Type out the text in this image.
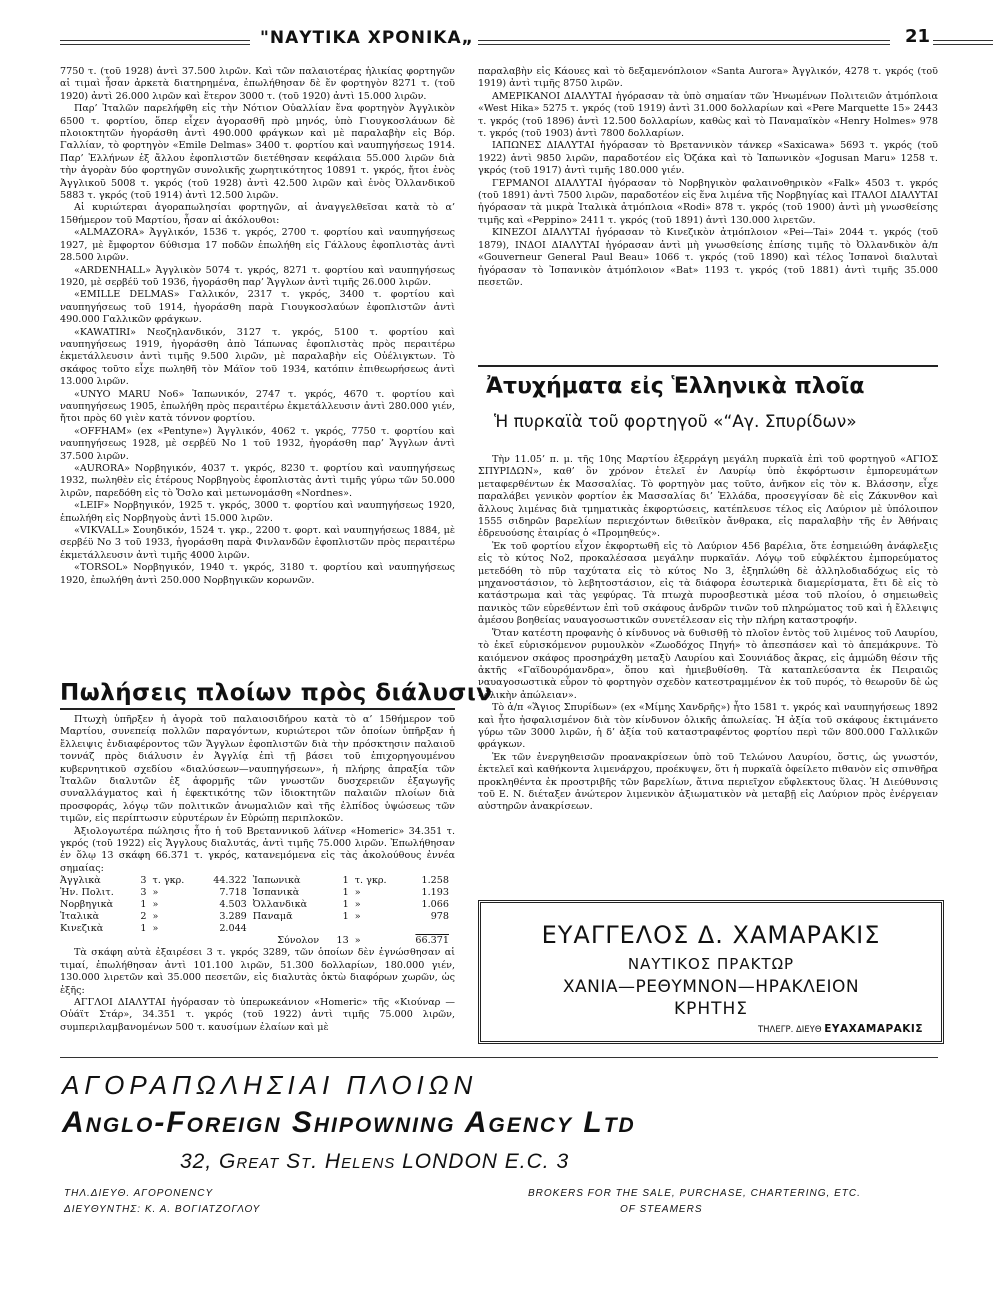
"ΝΑΥΤΙΚΑ ΧΡΟΝΙΚΑ„	21

7750 τ. (τοῦ 1928) ἀντὶ 37.500 λιρῶν. Καὶ τῶν παλαιοτέρας ἡλικίας φορτηγῶν αἱ τιμαὶ ἦσαν ἀρκετὰ διατηρημένα, ἐπωλήθησαν δὲ ἕν φορτηγὸν 8271 τ. (τοῦ 1920) ἀντὶ 26.000 λιρῶν καὶ ἕτερον 3000 τ. (τοῦ 1920) ἀντὶ 15.000 λιρῶν.

Παρ’ Ἰταλῶν παρελήφθη εἰς τὴν Νότιον Οὐαλλίαν ἕνα φορτηγὸν Ἀγγλικὸν 6500 τ. φορτίου, ὅπερ εἶχεν ἀγορασθῆ πρὸ μηνός, ὑπὸ Γιουγκοσλάυων δὲ πλοιοκτητῶν ἠγοράσθη ἀντὶ 490.000 φράγκων καὶ μὲ παραλαβὴν εἰς Βόρ. Γαλλίαν, τὸ φορτηγὸν «Emile Delmas» 3400 τ. φορτίου καὶ ναυπηγήσεως 1914. Παρ’ Ἑλλήνων ἐξ ἄλλου ἐφοπλιστῶν διετέθησαν κεφάλαια 55.000 λιρῶν διὰ τὴν ἀγορὰν δύο φορτηγῶν συνολικῆς χωρητικότητος 10891 τ. γκρός, ἤτοι ἑνὸς Ἀγγλικοῦ 5008 τ. γκρός (τοῦ 1928) ἀντὶ 42.500 λιρῶν καὶ ἑνὸς Ὀλλανδικοῦ 5883 τ. γκρός (τοῦ 1914) ἀντὶ 12.500 λιρῶν.

Αἱ κυριώτεραι ἀγοραπωλησίαι φορτηγῶν, αἱ ἀναγγελθεῖσαι κατὰ τὸ α’ 15θήμερον τοῦ Μαρτίου, ἦσαν αἱ ἀκόλουθοι:

«ALMAZORA» Ἀγγλικόν, 1536 τ. γκρός, 2700 τ. φορτίου καὶ ναυπηγήσεως 1927, μὲ ἔμφορτον 6ύθισμα 17 ποδῶν ἐπωλήθη εἰς Γάλλους ἐφοπλιστὰς ἀντὶ 28.500 λιρῶν.

«ARDENHALL» Ἀγγλικὸν 5074 τ. γκρός, 8271 τ. φορτίου καὶ ναυπηγήσεως 1920, μὲ σερβέϋ τοῦ 1936, ἠγοράσθη παρ’ Ἄγγλων ἀντὶ τιμῆς 26.000 λιρῶν.

«EMILLE DELMAS» Γαλλικόν, 2317 τ. γκρός, 3400 τ. φορτίου καὶ ναυπηγήσεως τοῦ 1914, ἠγοράσθη παρὰ Γιουγκοσλαύων ἐφοπλιστῶν ἀντὶ 490.000 Γαλλικῶν φράγκων.

«KAWATIRI» Νεοζηλανδικόν, 3127 τ. γκρός, 5100 τ. φορτίου καὶ ναυπηγήσεως 1919, ἠγοράσθη ἀπὸ Ἰάπωνας ἐφοπλιστὰς πρὸς περαιτέρω ἐκμετάλλευσιν ἀντὶ τιμῆς 9.500 λιρῶν, μὲ παραλαβὴν εἰς Οὐέλιγκτων. Τὸ σκάφος τοῦτο εἶχε πωληθῆ τὸν Μάϊον τοῦ 1934, κατόπιν ἐπιθεωρήσεως ἀντὶ 13.000 λιρῶν.

«UNYO MARU No6» Ἰαπωνικόν, 2747 τ. γκρός, 4670 τ. φορτίου καὶ ναυπηγήσεως 1905, ἐπωλήθη πρὸς περαιτέρω ἐκμετάλλευσιν ἀντὶ 280.000 γιέν, ἤτοι πρὸς 60 γιὲν κατὰ τόννον φορτίου.

«OFFHAM» (ex «Pentyne») Ἀγγλικόν, 4062 τ. γκρός, 7750 τ. φορτίου καὶ ναυπηγήσεως 1928, μὲ σερβέϋ No 1 τοῦ 1932, ἠγοράσθη παρ’ Ἄγγλων ἀντὶ 37.500 λιρῶν.

«AURORA» Νορβηγικόν, 4037 τ. γκρός, 8230 τ. φορτίου καὶ ναυπηγήσεως 1932, πωληθὲν εἰς ἑτέρους Νορβηγοὺς ἐφοπλιστὰς ἀντὶ τιμῆς γύρω τῶν 50.000 λιρῶν, παρεδόθη εἰς τὸ Ὄσλο καὶ μετωνομάσθη «Nordnes».

«LEIF» Νορβηγικόν, 1925 τ. γκρός, 3000 τ. φορτίου καὶ ναυπηγήσεως 1920, ἐπωλήθη εἰς Νορβηγοὺς ἀντὶ 15.000 λιρῶν.

«VIKVALL» Σουηδικόν, 1524 τ. γκρ., 2200 τ. φορτ. καὶ ναυπηγήσεως 1884, μὲ σερβέϋ No 3 τοῦ 1933, ἠγοράσθη παρὰ Φινλανδῶν ἐφοπλιστῶν πρὸς περαιτέρω ἐκμετάλλευσιν ἀντὶ τιμῆς 4000 λιρῶν.

«TORSOL» Νορβηγικόν, 1940 τ. γκρός, 3180 τ. φορτίου καὶ ναυπηγήσεως 1920, ἐπωλήθη ἀντὶ 250.000 Νορβηγικῶν κορωνῶν.

Πωλήσεις πλοίων πρὸς διάλυσιν

Πτωχὴ ὑπῆρξεν ἡ ἀγορὰ τοῦ παλαιοσιδήρου κατὰ τὸ α’ 15θήμερον τοῦ Μαρτίου, συνεπείᾳ πολλῶν παραγόντων, κυριώτεροι τῶν ὁποίων ὑπῆρξαν ἡ ἔλλειψις ἐνδιαφέροντος τῶν Ἄγγλων ἐφοπλιστῶν διὰ τὴν πρόσκτησιν παλαιοῦ τοννάζ πρὸς διάλυσιν ἐν Ἀγγλίᾳ ἐπὶ τῇ βάσει τοῦ ἐπιχορηγουμένου κυβερνητικοῦ σχεδίου «διαλύσεων—ναυπηγήσεων», ἡ πλήρης ἀπραξία τῶν Ἰταλῶν διαλυτῶν ἐξ ἀφορμῆς τῶν γνωστῶν δυσχερειῶν ἐξαγωγῆς συναλλάγματος καὶ ἡ ἐφεκτικότης τῶν ἰδιοκτητῶν παλαιῶν πλοίων διὰ προσφοράς, λόγῳ τῶν πολιτικῶν ἀνωμαλιῶν καὶ τῆς ἐλπίδος ὑψώσεως τῶν τιμῶν, εἰς περίπτωσιν εὐρυτέρων ἐν Εὐρώπῃ περιπλοκῶν.

Ἀξιολογωτέρα πώλησις ἦτο ἡ τοῦ Βρεταννικοῦ λάϊνερ «Homeric» 34.351 τ. γκρός (τοῦ 1922) εἰς Ἄγγλους διαλυτάς, ἀντὶ τιμῆς 75.000 λιρῶν. Ἐπωλήθησαν ἐν ὅλῳ 13 σκάφη 66.371 τ. γκρός, κατανεμόμενα εἰς τὰς ἀκολούθους ἐννέα σημαίας:

Ἀγγλικὰ	3	τ. γκρ.	44.322	Ἰαπωνικὰ	1	τ. γκρ.	1.258
Ἡν. Πολιτ.	3	»	7.718	Ἰσπανικὰ	1	»	1.193
Νορβηγικὰ	1	»	4.503	Ὀλλανδικὰ	1	»	1.066
Ἰταλικὰ	2	»	3.289	Παναμᾶ	1	»	978
Κινεζικὰ	1	»	2.044				
				Σύνολον	13	»	66.371

Τὰ σκάφη αὐτὰ ἐξαιρέσει 3 τ. γκρός 3289, τῶν ὁποίων δὲν ἐγνώσθησαν αἱ τιμαί, ἐπωλήθησαν ἀντὶ 101.100 λιρῶν, 51.300 δολλαρίων, 180.000 γιέν, 130.000 λιρετῶν καὶ 35.000 πεσετῶν, εἰς διαλυτὰς ὀκτὼ διαφόρων χωρῶν, ὡς ἑξῆς:

ΑΓΓΛΟΙ ΔΙΑΛΥΤΑΙ ἠγόρασαν τὸ ὑπερωκεάνιον «Homeric» τῆς «Κιούναρ — Οὐάϊτ Στάρ», 34.351 τ. γκρός (τοῦ 1922) ἀντὶ τιμῆς 75.000 λιρῶν, συμπεριλαμβανομένων 500 τ. καυσίμων ἐλαίων καὶ μὲ

παραλαβὴν εἰς Κάουες καὶ τὸ δεξαμενόπλοιον «Santa Aurora» Ἀγγλικόν, 4278 τ. γκρός (τοῦ 1919) ἀντὶ τιμῆς 8750 λιρῶν.

ΑΜΕΡΙΚΑΝΟΙ ΔΙΑΛΥΤΑΙ ἠγόρασαν τὰ ὑπὸ σημαίαν τῶν Ἡνωμένων Πολιτειῶν ἀτμόπλοια «West Hika» 5275 τ. γκρός (τοῦ 1919) ἀντὶ 31.000 δολλαρίων καὶ «Pere Marquette 15» 2443 τ. γκρός (τοῦ 1896) ἀντὶ 12.500 δολλαρίων, καθὼς καὶ τὸ Παναμαϊκὸν «Henry Holmes» 978 τ. γκρός (τοῦ 1903) ἀντὶ 7800 δολλαρίων.

ΙΑΠΩΝΕΣ ΔΙΑΛΥΤΑΙ ἠγόρασαν τὸ Βρεταννικὸν τάνκερ «Saxicawa» 5693 τ. γκρός (τοῦ 1922) ἀντὶ 9850 λιρῶν, παραδοτέον εἰς Ὀζάκα καὶ τὸ Ἰαπωνικὸν «Jogusan Maru» 1258 τ. γκρός (τοῦ 1917) ἀντὶ τιμῆς 180.000 γιέν.

ΓΕΡΜΑΝΟΙ ΔΙΑΛΥΤΑΙ ἠγόρασαν τὸ Νορβηγικὸν φαλαινοθηρικὸν «Falk» 4503 τ. γκρός (τοῦ 1891) ἀντὶ 7500 λιρῶν, παραδοτέον εἰς ἕνα λιμένα τῆς Νορβηγίας καὶ ΙΤΑΛΟΙ ΔΙΑΛΥΤΑΙ ἠγόρασαν τὰ μικρὰ Ἰταλικὰ ἀτμόπλοια «Rodi» 878 τ. γκρός (τοῦ 1900) ἀντὶ μὴ γνωσθείσης τιμῆς καὶ «Peppino» 2411 τ. γκρός (τοῦ 1891) ἀντὶ 130.000 λιρετῶν.

ΚΙΝΕΖΟΙ ΔΙΑΛΥΤΑΙ ἠγόρασαν τὸ Κινεζικὸν ἀτμόπλοιον «Pei—Tai» 2044 τ. γκρός (τοῦ 1879), ΙΝΔΟΙ ΔΙΑΛΥΤΑΙ ἠγόρασαν ἀντὶ μὴ γνωσθείσης ἐπίσης τιμῆς τὸ Ὀλλανδικὸν ἀ/π «Gouverneur General Paul Beau» 1066 τ. γκρός (τοῦ 1890) καὶ τέλος Ἰσπανοὶ διαλυταὶ ἠγόρασαν τὸ Ἰσπανικὸν ἀτμόπλοιον «Bat» 1193 τ. γκρός (τοῦ 1881) ἀντὶ τιμῆς 35.000 πεσετῶν.

Ἀτυχήματα εἰς Ἑλληνικὰ πλοῖα
Ἡ πυρκαϊὰ τοῦ φορτηγοῦ «“Αγ. Σπυρίδων»

Τὴν 11.05’ π. μ. τῆς 10ης Μαρτίου ἐξερράγη μεγάλη πυρκαϊὰ ἐπὶ τοῦ φορτηγοῦ «ΑΓΙΟΣ ΣΠΥΡΙΔΩΝ», καθ’ ὃν χρόνον ἐτελεῖ ἐν Λαυρίῳ ὑπὸ ἐκφόρτωσιν ἐμπορευμάτων μεταφερθέντων ἐκ Μασσαλίας. Τὸ φορτηγὸν μας τοῦτο, ἀνῆκον εἰς τὸν κ. Βλάσσην, εἶχε παραλάβει γενικὸν φορτίον ἐκ Μασσαλίας δι’ Ἑλλάδα, προσεγγίσαν δὲ εἰς Ζάκυνθον καὶ ἄλλους λιμένας διὰ τμηματικὰς ἐκφορτώσεις, κατέπλευσε τέλος εἰς Λαύριον μὲ ὑπόλοιπον 1555 σιδηρῶν βαρελίων περιεχόντων διθειϊκὸν ἄνθρακα, εἰς παραλαβὴν τῆς ἐν Ἀθήναις ἑδρευούσης ἑταιρίας ὁ «Προμηθεύς».

Ἐκ τοῦ φορτίου εἶχον ἐκφορτωθῆ εἰς τὸ Λαύριον 456 βαρέλια, ὅτε ἐσημειώθη ἀνάφλεξις εἰς τὸ κύτος No2, προκαλέσασα μεγάλην πυρκαϊάν. Λόγῳ τοῦ εὐφλέκτου ἐμπορεύματος μετεδόθη τὸ πῦρ ταχύτατα εἰς τὸ κύτος No 3, ἐξηπλώθη δὲ ἀλληλοδιαδόχως εἰς τὸ μηχανοστάσιον, τὸ λεβητοστάσιον, εἰς τὰ διάφορα ἐσωτερικὰ διαμερίσματα, ἔτι δὲ εἰς τὸ κατάστρωμα καὶ τὰς γεφύρας. Τὰ πτωχὰ πυροσβεστικὰ μέσα τοῦ πλοίου, ὁ σημειωθεὶς πανικὸς τῶν εὑρεθέντων ἐπὶ τοῦ σκάφους ἀνδρῶν τινῶν τοῦ πληρώματος τοῦ καὶ ἡ ἔλλειψις ἀμέσου βοηθείας ναυαγοσωστικῶν συνετέλεσαν εἰς τὴν πλήρη καταστροφήν.

Ὅταν κατέστη προφανὴς ὁ κίνδυνος νὰ 6υθισθῇ τὸ πλοῖον ἐντὸς τοῦ λιμένος τοῦ Λαυρίου, τὸ ἐκεῖ εὑρισκόμενον ρυμουλκὸν «Ζωοδόχος Πηγή» τὸ ἀπεσπάσεν καὶ τὸ ἀπεμάκρυνε. Τὸ καιόμενον σκάφος προσηράχθη μεταξὺ Λαυρίου καὶ Σουνιάδος ἄκρας, εἰς ἀμμώδη θέσιν τῆς ἀκτῆς «Γαϊδουρόμανδρα», ὅπου καὶ ἡμιεβυθίσθη. Τὰ καταπλεύσαντα ἐκ Πειραιῶς ναυαγοσωστικὰ εὗρον τὸ φορτηγὸν σχεδὸν κατεστραμμένον ἐκ τοῦ πυρός, τὸ θεωροῦν δὲ ὡς «ὁλικὴν ἀπώλειαν».

Τὸ ἀ/π «Ἅγιος Σπυρίδων» (ex «Μίμης Χανδρῆς») ἦτο 1581 τ. γκρός καὶ ναυπηγήσεως 1892 καὶ ἦτο ἠσφαλισμένον διὰ τὸν κίνδυνον ὁλικῆς ἀπωλείας. Ἡ ἀξία τοῦ σκάφους ἐκτιμάνετο γύρω τῶν 3000 λιρῶν, ἡ δ’ ἀξία τοῦ καταστραφέντος φορτίου περὶ τῶν 800.000 Γαλλικῶν φράγκων.

Ἐκ τῶν ἐνεργηθεισῶν προανακρίσεων ὑπὸ τοῦ Τελώνου Λαυρίου, ὅστις, ὡς γνωστόν, ἐκτελεῖ καὶ καθήκοντα λιμενάρχου, προέκυψεν, ὅτι ἡ πυρκαϊὰ ὀφείλετο πιθανὸν εἰς σπινθῆρα προκληθέντα ἐκ προστριβῆς τῶν βαρελίων, ἅτινα περιεῖχον εὔφλεκτους ὕλας. Ἡ Διεύθυνσις τοῦ Ε. Ν. διέταξεν ἀνώτερον λιμενικὸν ἀξιωματικὸν νὰ μεταβῇ εἰς Λαύριον πρὸς ἐνέργειαν αὐστηρῶν ἀνακρίσεων.

ΕΥΑΓΓΕΛΟΣ Δ. ΧΑΜΑΡΑΚΙΣ
ΝΑΥΤΙΚΟΣ ΠΡΑΚΤΩΡ
ΧΑΝΙΑ—ΡΕΘΥΜΝΟΝ—ΗΡΑΚΛΕΙΟΝ
ΚΡΗΤΗΣ
ΤΗΛΕΓΡ. ΔΙΕΥΘ ΕΥΑΧΑΜΑΡΑΚΙΣ
ΑΓΟΡΑΠΩΛΗΣΙΑΙ ΠΛΟΙΩΝ
Anglo-Foreign Shipowning Agency Ltd
32, Great St. Helens LONDON E.C. 3
ΤΗΛ.ΔΙΕΥΘ. ΑΓΟΡΟΝΕΝCΥ
ΔΙΕΥΘΥΝΤΗΣ: Κ. Α. ΒΟΓΙΑΤΖΟΓΛΟΥ
BROKERS FOR THE SALE, PURCHASE, CHARTERING, ETC.
OF STEAMERS
